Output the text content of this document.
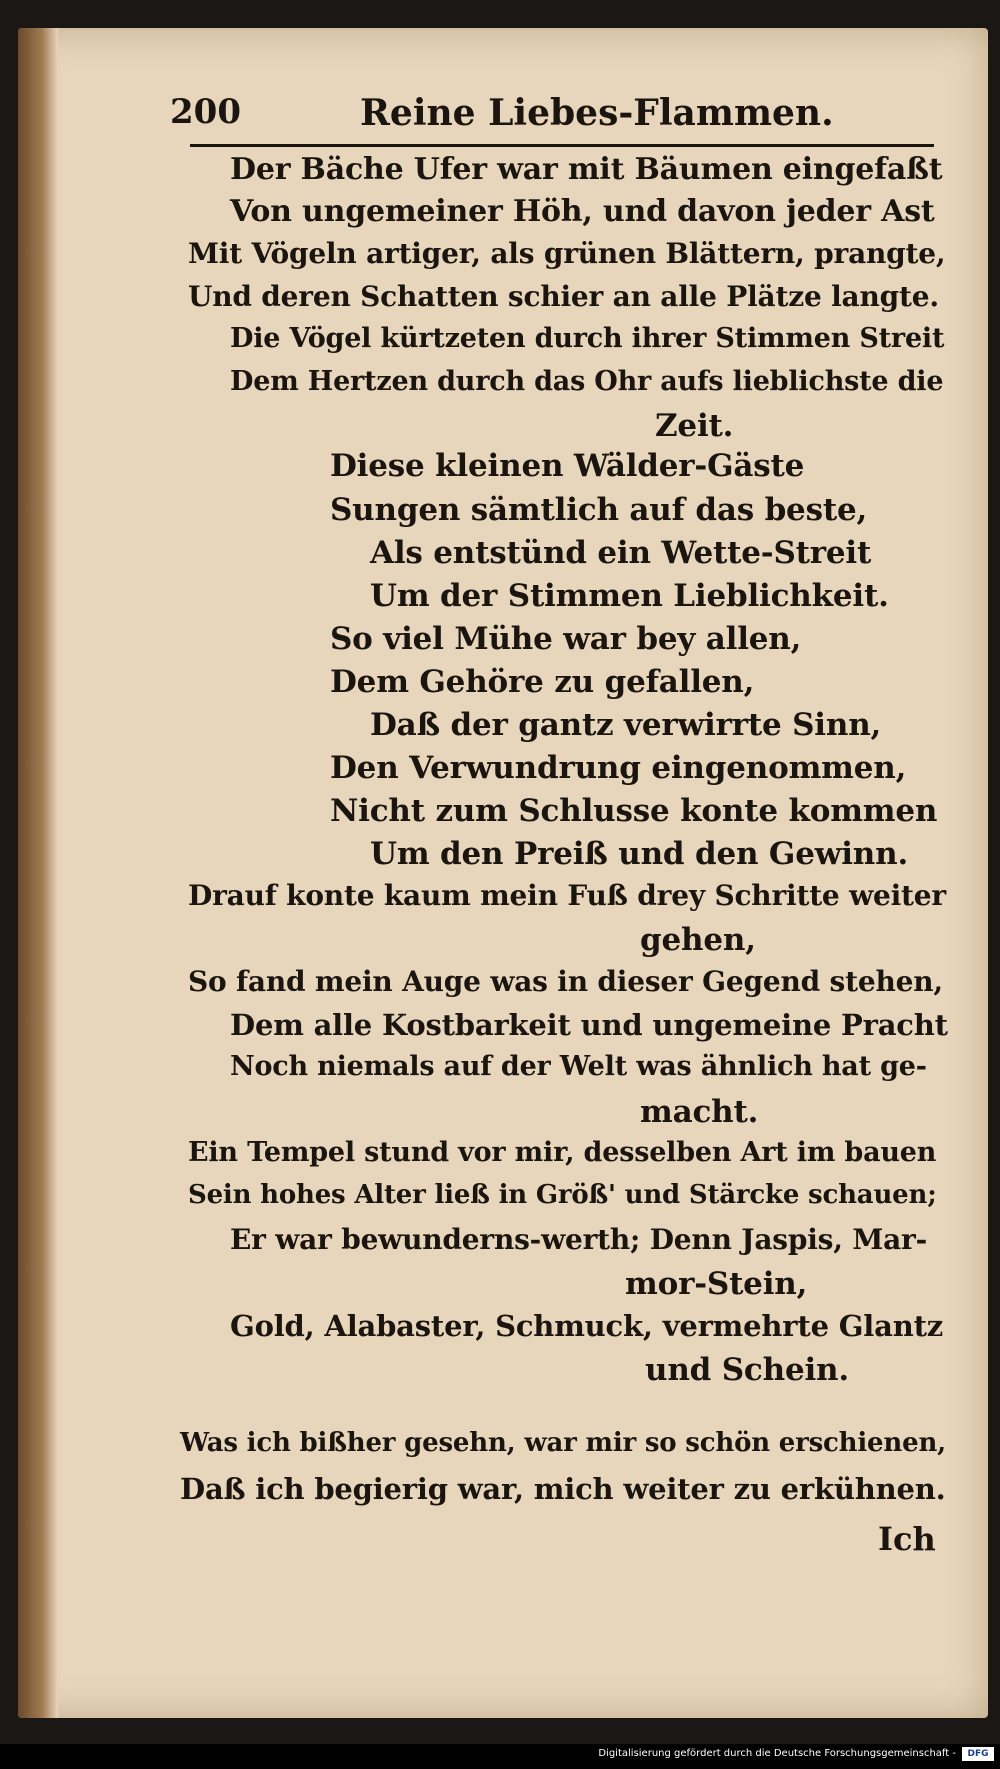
200	Reine Liebes-Flammen.
Der Bäche Ufer war mit Bäumen eingefaßt
Von ungemeiner Höh, und davon jeder Ast
Mit Vögeln artiger, als grünen Blättern, prangte,
Und deren Schatten schier an alle Plätze langte.
Die Vögel kürtzeten durch ihrer Stimmen Streit
Dem Hertzen durch das Ohr aufs lieblichste die
Zeit.
Diese kleinen Wälder-Gäste
Sungen sämtlich auf das beste,
Als entstünd ein Wette-Streit
Um der Stimmen Lieblichkeit.
So viel Mühe war bey allen,
Dem Gehöre zu gefallen,
Daß der gantz verwirrte Sinn,
Den Verwundrung eingenommen,
Nicht zum Schlusse konte kommen
Um den Preiß und den Gewinn.
Drauf konte kaum mein Fuß drey Schritte weiter
gehen,
So fand mein Auge was in dieser Gegend stehen,
Dem alle Kostbarkeit und ungemeine Pracht
Noch niemals auf der Welt was ähnlich hat ge-
macht.
Ein Tempel stund vor mir, desselben Art im bauen
Sein hohes Alter ließ in Größ' und Stärcke schauen;
Er war bewunderns-werth; Denn Jaspis, Mar-
mor-Stein,
Gold, Alabaster, Schmuck, vermehrte Glantz
und Schein.
Was ich bißher gesehn, war mir so schön erschienen,
Daß ich begierig war, mich weiter zu erkühnen.
Ich
Digitalisierung gefördert durch die Deutsche Forschungsgemeinschaft -	DFG
